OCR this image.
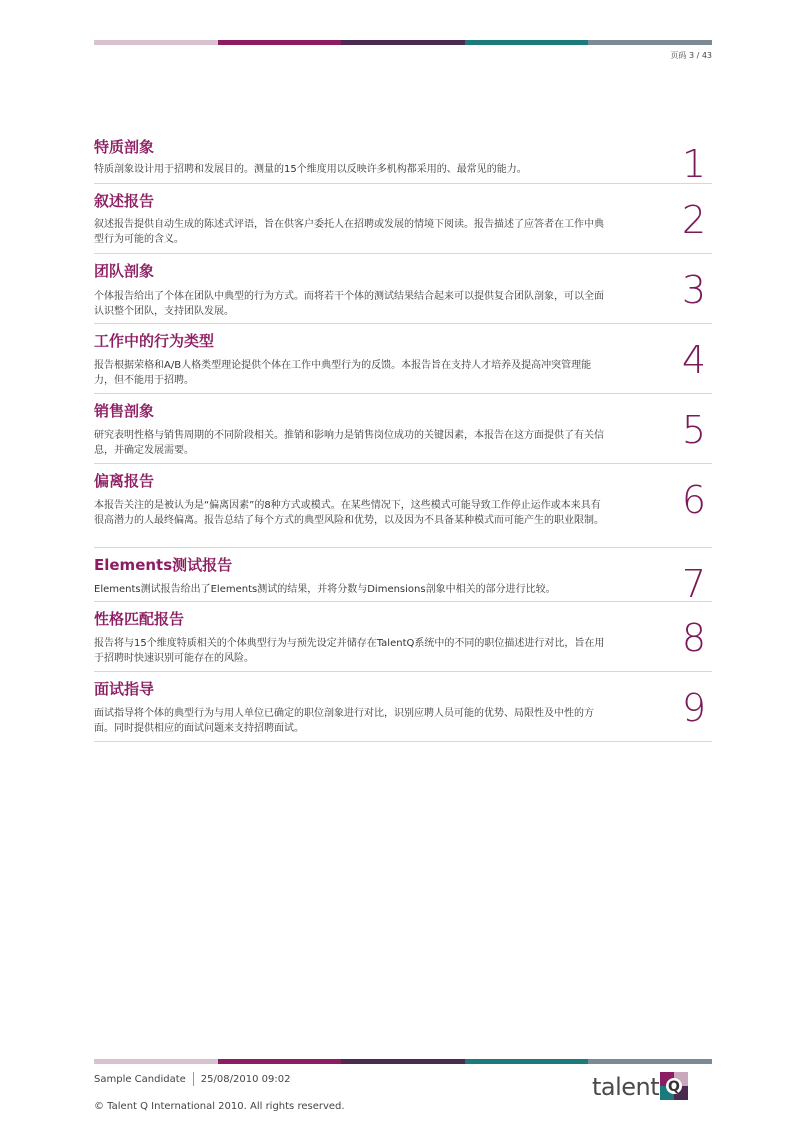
页码 3 / 43
特质剖象

特质剖象设计用于招聘和发展目的。测量的15个维度用以反映许多机构都采用的、最常见的能力。	1
叙述报告

叙述报告提供自动生成的陈述式评语，旨在供客户委托人在招聘或发展的情境下阅读。报告描述了应答者在工作中典型行为可能的含义。	2
团队剖象

个体报告给出了个体在团队中典型的行为方式。而将若干个体的测试结果结合起来可以提供复合团队剖象，可以全面认识整个团队，支持团队发展。	3
工作中的行为类型

报告根据荣格和A/B人格类型理论提供个体在工作中典型行为的反馈。本报告旨在支持人才培养及提高冲突管理能力，但不能用于招聘。	4
销售剖象

研究表明性格与销售周期的不同阶段相关。推销和影响力是销售岗位成功的关键因素，本报告在这方面提供了有关信息，并确定发展需要。	5
偏离报告

本报告关注的是被认为是“偏离因素”的8种方式或模式。在某些情况下，这些模式可能导致工作停止运作或本来具有很高潜力的人最终偏离。报告总结了每个方式的典型风险和优势，以及因为不具备某种模式而可能产生的职业限制。 6
Elements测试报告

Elements测试报告给出了Elements测试的结果，并将分数与Dimensions剖象中相关的部分进行比较。	7
性格匹配报告

报告将与15个维度特质相关的个体典型行为与预先设定并储存在TalentQ系统中的不同的职位描述进行对比，旨在用于招聘时快速识别可能存在的风险。	8
面试指导

面试指导将个体的典型行为与用人单位已确定的职位剖象进行对比，识别应聘人员可能的优势、局限性及中性的方面。同时提供相应的面试问题来支持招聘面试。	9
Sample Candidate 25/08/2010 09:02
© Talent Q International 2010. All rights reserved.
talent Q
